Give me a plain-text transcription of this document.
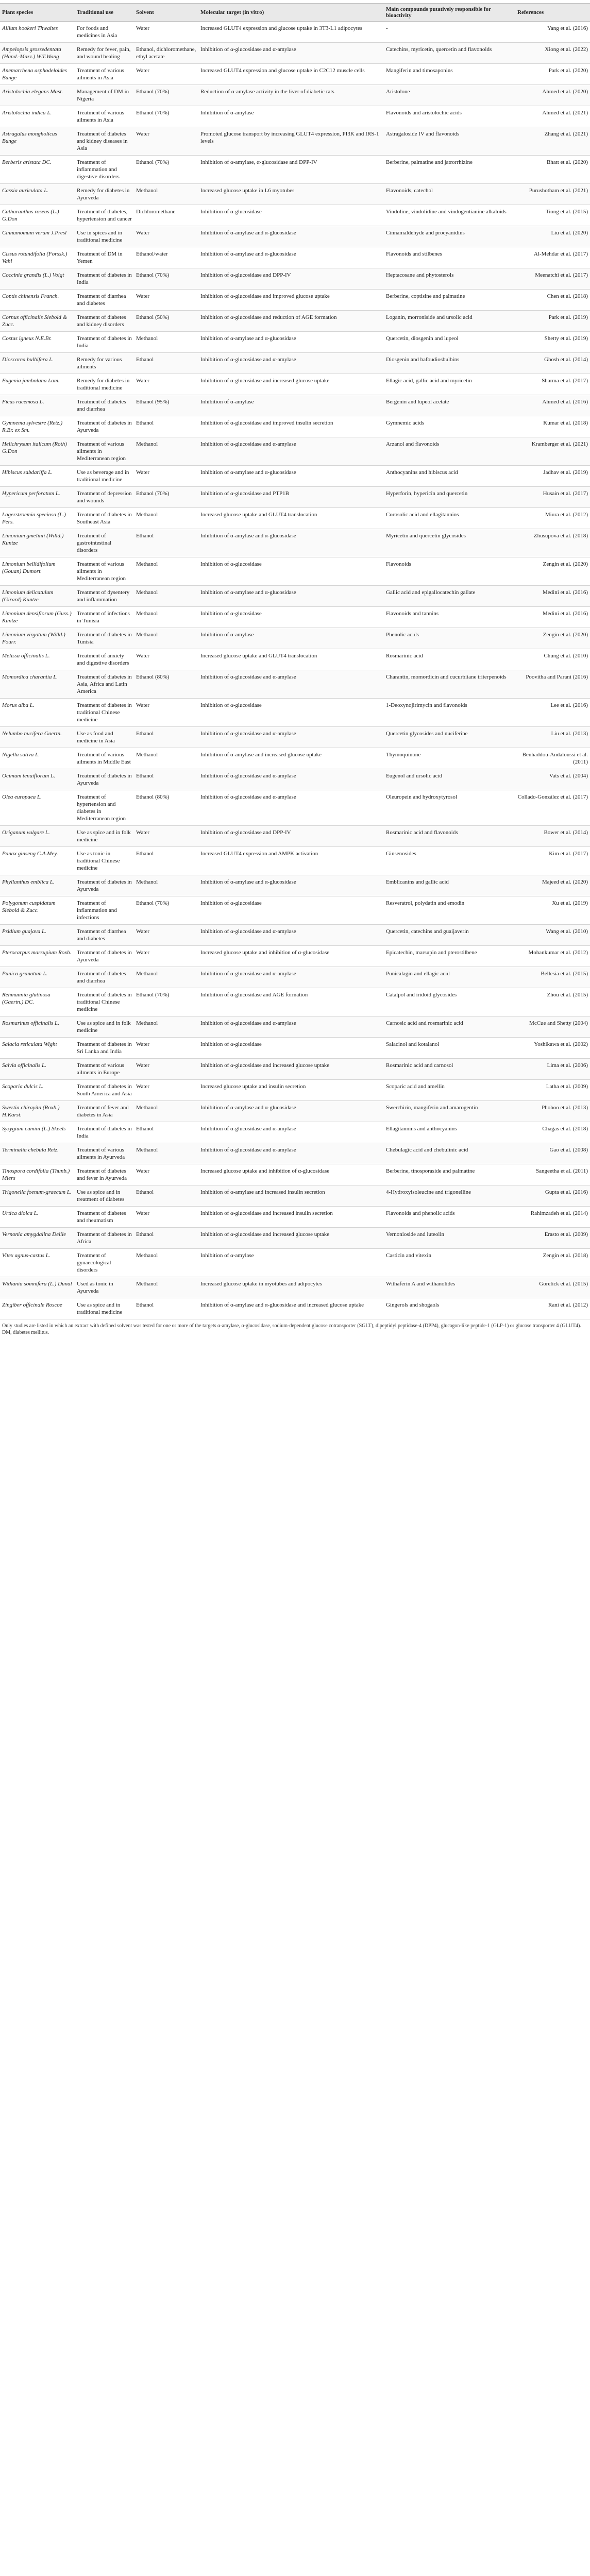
Plant species	Traditional use	Solvent	Molecular target (in vitro)	Main compounds putatively responsible for bioactivity	References
Allium hookeri Thwaites	For foods and medicines in Asia	Water	Increased GLUT4 expression and glucose uptake in 3T3-L1 adipocytes	-	Yang et al. (2016)
Ampelopsis grossedentata (Hand.-Mazz.) W.T.Wang	Remedy for fever, pain, and wound healing	Ethanol, dichloromethane, ethyl acetate	Inhibition of α-glucosidase and α-amylase	Catechins, myricetin, quercetin and flavonoids	Xiong et al. (2022)
Anemarrhena asphodeloides Bunge	Treatment of various ailments in Asia	Water	Increased GLUT4 expression and glucose uptake in C2C12 muscle cells	Mangiferin and timosaponins	Park et al. (2020)
Aristolochia elegans Mast.	Management of DM in Nigeria	Ethanol (70%)	Reduction of α-amylase activity in the liver of diabetic rats	Aristolone	Ahmed et al. (2020)
Aristolochia indica L.	Treatment of various ailments in Asia	Ethanol (70%)	Inhibition of α-amylase	Flavonoids and aristolochic acids	Ahmed et al. (2021)
Astragalus mongholicus Bunge	Treatment of diabetes and kidney diseases in Asia	Water	Promoted glucose transport by increasing GLUT4 expression, PI3K and IRS-1 levels	Astragaloside IV and flavonoids	Zhang et al. (2021)
Berberis aristata DC.	Treatment of inflammation and digestive disorders	Ethanol (70%)	Inhibition of α-amylase, α-glucosidase and DPP-IV	Berberine, palmatine and jatrorrhizine	Bhatt et al. (2020)
Cassia auriculata L.	Remedy for diabetes in Ayurveda	Methanol	Increased glucose uptake in L6 myotubes	Flavonoids, catechol	Purushotham et al. (2021)
Catharanthus roseus (L.) G.Don	Treatment of diabetes, hypertension and cancer	Dichloromethane	Inhibition of α-glucosidase	Vindoline, vindolidine and vindogentianine alkaloids	Tiong et al. (2015)
Cinnamomum verum J.Presl	Use in spices and in traditional medicine	Water	Inhibition of α-amylase and α-glucosidase	Cinnamaldehyde and procyanidins	Liu et al. (2020)
Cissus rotundifolia (Forssk.) Vahl	Treatment of DM in Yemen	Ethanol/water	Inhibition of α-amylase and α-glucosidase	Flavonoids and stilbenes	Al-Mehdar et al. (2017)
Coccinia grandis (L.) Voigt	Treatment of diabetes in India	Ethanol (70%)	Inhibition of α-glucosidase and DPP-IV	Heptacosane and phytosterols	Meenatchi et al. (2017)
Coptis chinensis Franch.	Treatment of diarrhea and diabetes	Water	Inhibition of α-glucosidase and improved glucose uptake	Berberine, coptisine and palmatine	Chen et al. (2018)
Cornus officinalis Siebold & Zucc.	Treatment of diabetes and kidney disorders	Ethanol (50%)	Inhibition of α-glucosidase and reduction of AGE formation	Loganin, morroniside and ursolic acid	Park et al. (2019)
Costus igneus N.E.Br.	Treatment of diabetes in India	Methanol	Inhibition of α-amylase and α-glucosidase	Quercetin, diosgenin and lupeol	Shetty et al. (2019)
Dioscorea bulbifera L.	Remedy for various ailments	Ethanol	Inhibition of α-glucosidase and α-amylase	Diosgenin and bafoudiosbulbins	Ghosh et al. (2014)
Eugenia jambolana Lam.	Remedy for diabetes in traditional medicine	Water	Inhibition of α-glucosidase and increased glucose uptake	Ellagic acid, gallic acid and myricetin	Sharma et al. (2017)
Ficus racemosa L.	Treatment of diabetes and diarrhea	Ethanol (95%)	Inhibition of α-amylase	Bergenin and lupeol acetate	Ahmed et al. (2016)
Gymnema sylvestre (Retz.) R.Br. ex Sm.	Treatment of diabetes in Ayurveda	Ethanol	Inhibition of α-glucosidase and improved insulin secretion	Gymnemic acids	Kumar et al. (2018)
Helichrysum italicum (Roth) G.Don	Treatment of various ailments in Mediterranean region	Methanol	Inhibition of α-glucosidase and α-amylase	Arzanol and flavonoids	Kramberger et al. (2021)
Hibiscus sabdariffa L.	Use as beverage and in traditional medicine	Water	Inhibition of α-amylase and α-glucosidase	Anthocyanins and hibiscus acid	Jadhav et al. (2019)
Hypericum perforatum L.	Treatment of depression and wounds	Ethanol (70%)	Inhibition of α-glucosidase and PTP1B	Hyperforin, hypericin and quercetin	Husain et al. (2017)
Lagerstroemia speciosa (L.) Pers.	Treatment of diabetes in Southeast Asia	Methanol	Increased glucose uptake and GLUT4 translocation	Corosolic acid and ellagitannins	Miura et al. (2012)
Limonium gmelinii (Willd.) Kuntze	Treatment of gastrointestinal disorders	Ethanol	Inhibition of α-amylase and α-glucosidase	Myricetin and quercetin glycosides	Zhusupova et al. (2018)
Limonium bellidifolium (Gouan) Dumort.	Treatment of various ailments in Mediterranean region	Methanol	Inhibition of α-glucosidase	Flavonoids	Zengin et al. (2020)
Limonium delicatulum (Girard) Kuntze	Treatment of dysentery and inflammation	Methanol	Inhibition of α-amylase and α-glucosidase	Gallic acid and epigallocatechin gallate	Medini et al. (2016)
Limonium densiflorum (Guss.) Kuntze	Treatment of infections in Tunisia	Methanol	Inhibition of α-glucosidase	Flavonoids and tannins	Medini et al. (2016)
Limonium virgatum (Willd.) Fourr.	Treatment of diabetes in Tunisia	Methanol	Inhibition of α-amylase	Phenolic acids	Zengin et al. (2020)
Melissa officinalis L.	Treatment of anxiety and digestive disorders	Water	Increased glucose uptake and GLUT4 translocation	Rosmarinic acid	Chung et al. (2010)
Momordica charantia L.	Treatment of diabetes in Asia, Africa and Latin America	Ethanol (80%)	Inhibition of α-glucosidase and α-amylase	Charantin, momordicin and cucurbitane triterpenoids	Poovitha and Parani (2016)
Morus alba L.	Treatment of diabetes in traditional Chinese medicine	Water	Inhibition of α-glucosidase	1-Deoxynojirimycin and flavonoids	Lee et al. (2016)
Nelumbo nucifera Gaertn.	Use as food and medicine in Asia	Ethanol	Inhibition of α-glucosidase and α-amylase	Quercetin glycosides and nuciferine	Liu et al. (2013)
Nigella sativa L.	Treatment of various ailments in Middle East	Methanol	Inhibition of α-amylase and increased glucose uptake	Thymoquinone	Benhaddou-Andaloussi et al. (2011)
Ocimum tenuiflorum L.	Treatment of diabetes in Ayurveda	Ethanol	Inhibition of α-glucosidase and α-amylase	Eugenol and ursolic acid	Vats et al. (2004)
Olea europaea L.	Treatment of hypertension and diabetes in Mediterranean region	Ethanol (80%)	Inhibition of α-glucosidase and α-amylase	Oleuropein and hydroxytyrosol	Collado-González et al. (2017)
Origanum vulgare L.	Use as spice and in folk medicine	Water	Inhibition of α-glucosidase and DPP-IV	Rosmarinic acid and flavonoids	Bower et al. (2014)
Panax ginseng C.A.Mey.	Use as tonic in traditional Chinese medicine	Ethanol	Increased GLUT4 expression and AMPK activation	Ginsenosides	Kim et al. (2017)
Phyllanthus emblica L.	Treatment of diabetes in Ayurveda	Methanol	Inhibition of α-amylase and α-glucosidase	Emblicanins and gallic acid	Majeed et al. (2020)
Polygonum cuspidatum Siebold & Zucc.	Treatment of inflammation and infections	Ethanol (70%)	Inhibition of α-glucosidase	Resveratrol, polydatin and emodin	Xu et al. (2019)
Psidium guajava L.	Treatment of diarrhea and diabetes	Water	Inhibition of α-glucosidase and α-amylase	Quercetin, catechins and guaijaverin	Wang et al. (2010)
Pterocarpus marsupium Roxb.	Treatment of diabetes in Ayurveda	Water	Increased glucose uptake and inhibition of α-glucosidase	Epicatechin, marsupin and pterostilbene	Mohankumar et al. (2012)
Punica granatum L.	Treatment of diabetes and diarrhea	Methanol	Inhibition of α-glucosidase and α-amylase	Punicalagin and ellagic acid	Bellesia et al. (2015)
Rehmannia glutinosa (Gaertn.) DC.	Treatment of diabetes in traditional Chinese medicine	Ethanol (70%)	Inhibition of α-glucosidase and AGE formation	Catalpol and iridoid glycosides	Zhou et al. (2015)
Rosmarinus officinalis L.	Use as spice and in folk medicine	Methanol	Inhibition of α-glucosidase and α-amylase	Carnosic acid and rosmarinic acid	McCue and Shetty (2004)
Salacia reticulata Wight	Treatment of diabetes in Sri Lanka and India	Water	Inhibition of α-glucosidase	Salacinol and kotalanol	Yoshikawa et al. (2002)
Salvia officinalis L.	Treatment of various ailments in Europe	Water	Inhibition of α-glucosidase and increased glucose uptake	Rosmarinic acid and carnosol	Lima et al. (2006)
Scoparia dulcis L.	Treatment of diabetes in South America and Asia	Water	Increased glucose uptake and insulin secretion	Scoparic acid and amellin	Latha et al. (2009)
Swertia chirayita (Roxb.) H.Karst.	Treatment of fever and diabetes in Asia	Methanol	Inhibition of α-amylase and α-glucosidase	Swerchirin, mangiferin and amarogentin	Phoboo et al. (2013)
Syzygium cumini (L.) Skeels	Treatment of diabetes in India	Ethanol	Inhibition of α-glucosidase and α-amylase	Ellagitannins and anthocyanins	Chagas et al. (2018)
Terminalia chebula Retz.	Treatment of various ailments in Ayurveda	Methanol	Inhibition of α-glucosidase and α-amylase	Chebulagic acid and chebulinic acid	Gao et al. (2008)
Tinospora cordifolia (Thunb.) Miers	Treatment of diabetes and fever in Ayurveda	Water	Increased glucose uptake and inhibition of α-glucosidase	Berberine, tinosporaside and palmatine	Sangeetha et al. (2011)
Trigonella foenum-graecum L.	Use as spice and in treatment of diabetes	Ethanol	Inhibition of α-amylase and increased insulin secretion	4-Hydroxyisoleucine and trigonelline	Gupta et al. (2016)
Urtica dioica L.	Treatment of diabetes and rheumatism	Water	Inhibition of α-glucosidase and increased insulin secretion	Flavonoids and phenolic acids	Rahimzadeh et al. (2014)
Vernonia amygdalina Delile	Treatment of diabetes in Africa	Ethanol	Inhibition of α-glucosidase and increased glucose uptake	Vernonioside and luteolin	Erasto et al. (2009)
Vitex agnus-castus L.	Treatment of gynaecological disorders	Methanol	Inhibition of α-amylase	Casticin and vitexin	Zengin et al. (2018)
Withania somnifera (L.) Dunal	Used as tonic in Ayurveda	Methanol	Increased glucose uptake in myotubes and adipocytes	Withaferin A and withanolides	Gorelick et al. (2015)
Zingiber officinale Roscoe	Use as spice and in traditional medicine	Ethanol	Inhibition of α-amylase and α-glucosidase and increased glucose uptake	Gingerols and shogaols	Rani et al. (2012)
Only studies are listed in which an extract with defined solvent was tested for one or more of the targets α-amylase, α-glucosidase, sodium-dependent glucose cotransporter (SGLT), dipeptidyl peptidase-4 (DPP4), glucagon-like peptide-1 (GLP-1) or glucose transporter 4 (GLUT4). DM, diabetes mellitus.
